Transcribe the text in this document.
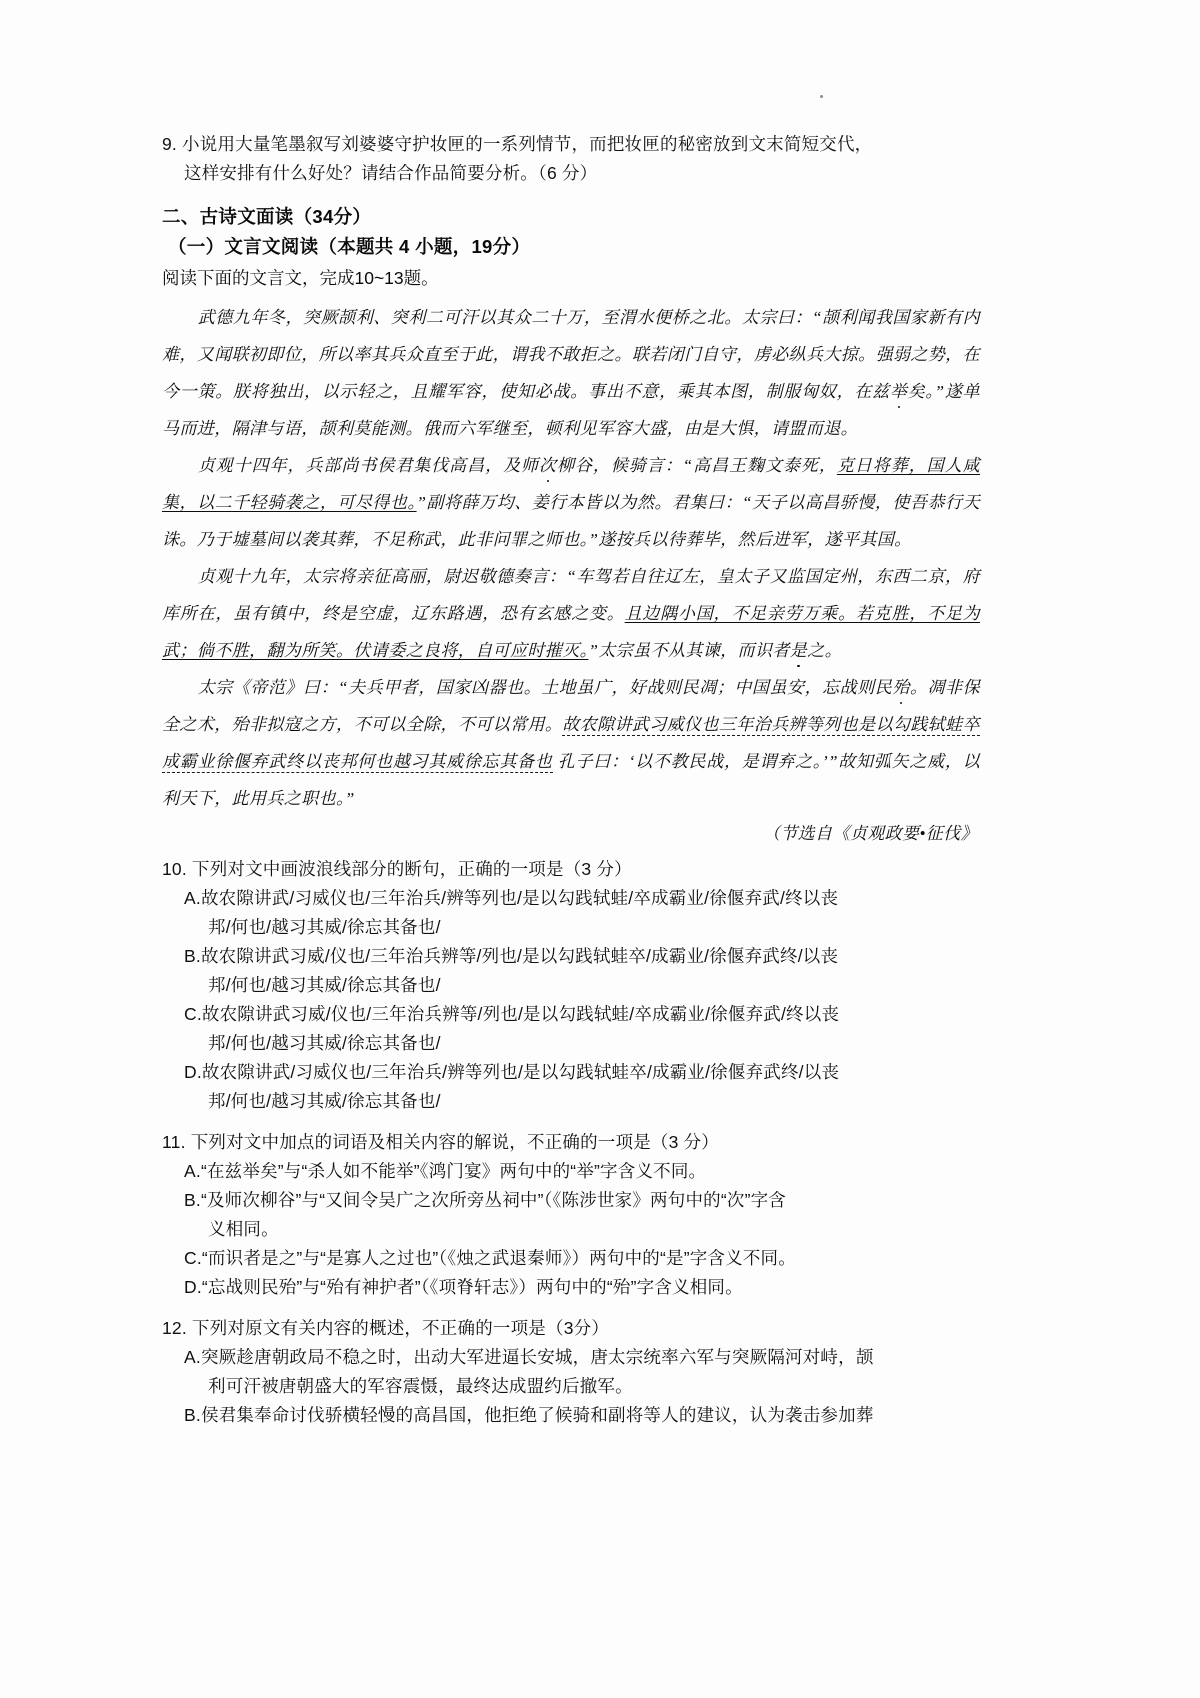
9. 小说用大量笔墨叙写刘婆婆守护妆匣的一系列情节，而把妆匣的秘密放到文末简短交代，
这样安排有什么好处？请结合作品简要分析。（6 分）
二、古诗文面读（34分）
（一）文言文阅读（本题共 4 小题，19分）
阅读下面的文言文，完成10~13题。

武德九年冬，突厥颉利、突利二可汗以其众二十万，至渭水便桥之北。太宗曰：“颉利闻我国家新有内难，又闻联初即位，所以率其兵众直至于此，谓我不敢拒之。联若闭门自守，虏必纵兵大掠。强弱之势，在今一策。朕将独出，以示轻之，且耀军容，使知必战。事出不意，乘其本图，制服匈奴，在兹举矣。”遂单马而进，隔津与语，颉利莫能测。俄而六军继至，顿利见军容大盛，由是大惧，请盟而退。

贞观十四年，兵部尚书侯君集伐高昌，及师次柳谷，候骑言：“高昌王麴文泰死，克日将葬，国人咸集，以二千轻骑袭之，可尽得也。”副将薛万均、姜行本皆以为然。君集曰：“天子以高昌骄慢，使吾恭行天诛。乃于墟墓间以袭其葬，不足称武，此非问罪之师也。”遂按兵以待葬毕，然后进军，遂平其国。

贞观十九年，太宗将亲征高丽，尉迟敬德奏言：“车驾若自往辽左，皇太子又监国定州，东西二京，府库所在，虽有镇中，终是空虚，辽东路遇，恐有玄感之变。且边隅小国，不足亲劳万乘。若克胜，不足为武；倘不胜，翻为所笑。伏请委之良将，自可应时摧灭。”太宗虽不从其谏，而识者是之。

太宗《帝范》曰：“夫兵甲者，国家凶器也。土地虽广，好战则民凋；中国虽安，忘战则民殆。凋非保全之术，殆非拟寇之方，不可以全除，不可以常用。故农隙讲武习威仪也三年治兵辨等列也是以勾践轼蛙卒成霸业徐偃弃武终以丧邦何也越习其威徐忘其备也 孔子曰：‘以不教民战，是谓弃之。’”故知弧矢之威，以利天下，此用兵之职也。”

（节选自《贞观政要•征伐》
10. 下列对文中画波浪线部分的断句，正确的一项是（3 分）
A.故农隙讲武/习威仪也/三年治兵/辨等列也/是以勾践轼蛙/卒成霸业/徐偃弃武/终以丧
邦/何也/越习其威/徐忘其备也/
B.故农隙讲武习威/仪也/三年治兵辨等/列也/是以勾践轼蛙卒/成霸业/徐偃弃武终/以丧
邦/何也/越习其威/徐忘其备也/
C.故农隙讲武习威/仪也/三年治兵辨等/列也/是以勾践轼蛙/卒成霸业/徐偃弃武/终以丧
邦/何也/越习其威/徐忘其备也/
D.故农隙讲武/习威仪也/三年治兵/辨等列也/是以勾践轼蛙卒/成霸业/徐偃弃武终/以丧
邦/何也/越习其威/徐忘其备也/
11. 下列对文中加点的词语及相关内容的解说，不正确的一项是（3 分）
A.“在兹举矣”与“杀人如不能举”《鸿门宴》两句中的“举”字含义不同。
B.“及师次柳谷”与“又间令吴广之次所旁丛祠中”（《陈涉世家》两句中的“次”字含
义相同。
C.“而识者是之”与“是寡人之过也”（《烛之武退秦师》）两句中的“是”字含义不同。
D.“忘战则民殆”与“殆有神护者”（《项脊轩志》）两句中的“殆”字含义相同。
12. 下列对原文有关内容的概述，不正确的一项是（3分）
A.突厥趁唐朝政局不稳之时，出动大军进逼长安城，唐太宗统率六军与突厥隔河对峙，颉
利可汗被唐朝盛大的军容震慑，最终达成盟约后撤军。
B.侯君集奉命讨伐骄横轻慢的高昌国，他拒绝了候骑和副将等人的建议，认为袭击参加葬
